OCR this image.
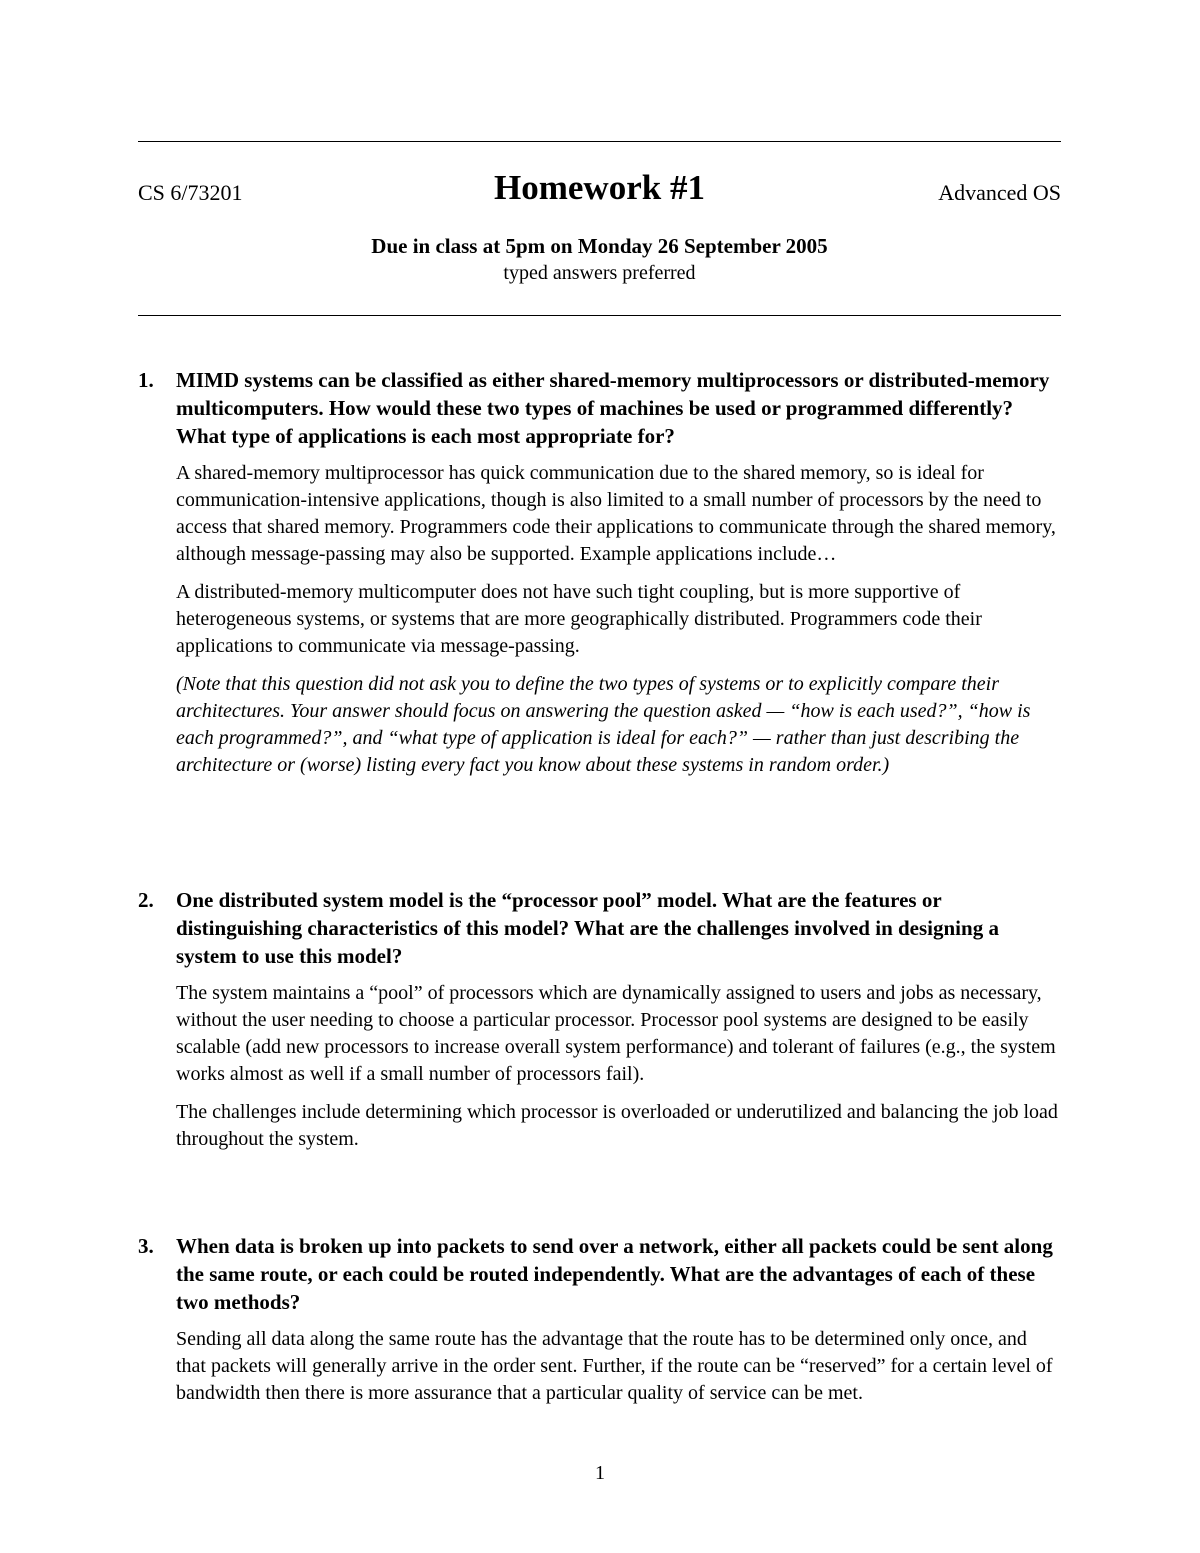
CS 6/73201	Homework #1	Advanced OS
Due in class at 5pm on Monday 26 September 2005
typed answers preferred
1. MIMD systems can be classified as either shared-memory multiprocessors or distributed-memory multicomputers. How would these two types of machines be used or programmed differently? What type of applications is each most appropriate for?

A shared-memory multiprocessor has quick communication due to the shared memory, so is ideal for communication-intensive applications, though is also limited to a small number of processors by the need to access that shared memory. Programmers code their applications to communicate through the shared memory, although message-passing may also be supported. Example applications include…

A distributed-memory multicomputer does not have such tight coupling, but is more supportive of heterogeneous systems, or systems that are more geographically distributed. Programmers code their applications to communicate via message-passing.

(Note that this question did not ask you to define the two types of systems or to explicitly compare their architectures. Your answer should focus on answering the question asked — “how is each used?”, “how is each programmed?”, and “what type of application is ideal for each?” — rather than just describing the architecture or (worse) listing every fact you know about these systems in random order.)

2. One distributed system model is the “processor pool” model. What are the features or distinguishing characteristics of this model? What are the challenges involved in designing a system to use this model?

The system maintains a “pool” of processors which are dynamically assigned to users and jobs as necessary, without the user needing to choose a particular processor. Processor pool systems are designed to be easily scalable (add new processors to increase overall system performance) and tolerant of failures (e.g., the system works almost as well if a small number of processors fail).

The challenges include determining which processor is overloaded or underutilized and balancing the job load throughout the system.

3. When data is broken up into packets to send over a network, either all packets could be sent along the same route, or each could be routed independently. What are the advantages of each of these two methods?

Sending all data along the same route has the advantage that the route has to be determined only once, and that packets will generally arrive in the order sent. Further, if the route can be “reserved” for a certain level of bandwidth then there is more assurance that a particular quality of service can be met.

1
